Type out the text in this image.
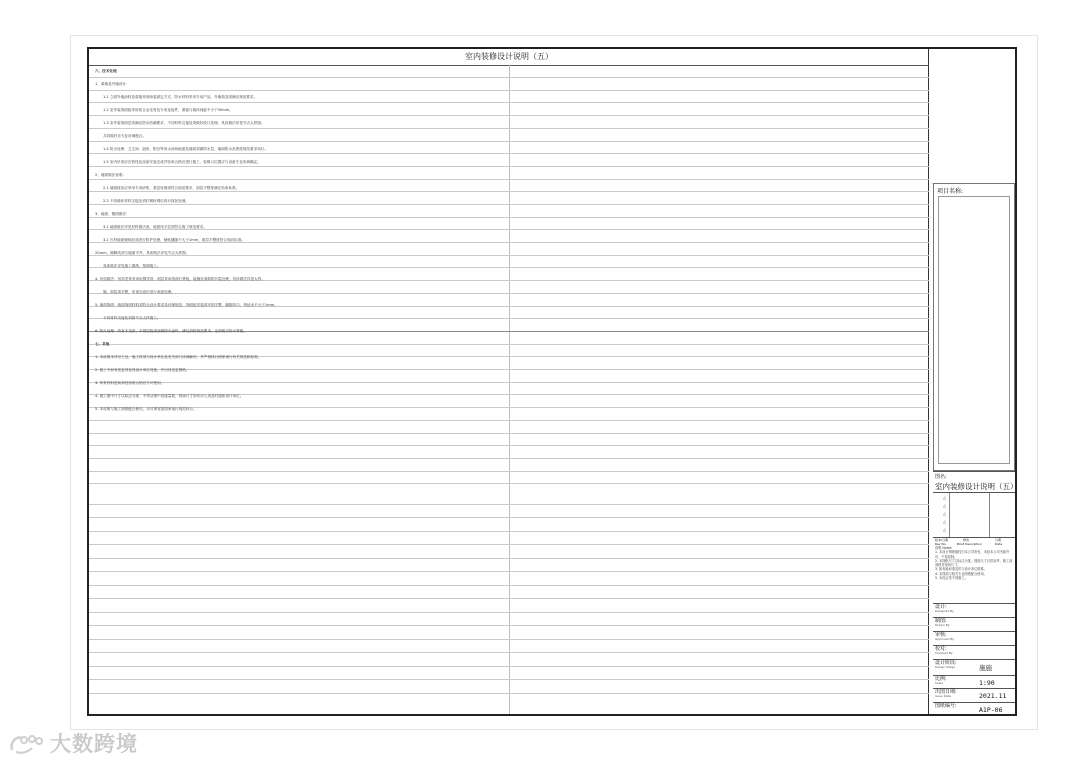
室内装修设计说明（五）
六、技术处理
1、幕墙及外墙设计：
1.1 立面外墙涂料及幕墙采用暗装固定方式，防水材料采用专用产品，外墙构造须满足规范要求。
1.2 室外装饰面板采用铝合金龙骨及专用连接件，面板与墙体间距不小于30mm。
1.3 室外装饰面层须满足防水防潮要求，不同材料交接处须做好收口处理，具体做法详见节点大样图。
共同做好各专业协调配合。
1.4 防水处理：卫生间、厨房、阳台等用水房间地面及墙面须做防水层，墙面防水高度按规范要求执行。
1.5 室内吊顶应在管线及设备安装完成并验收合格后进行施工，检修口位置应与设备专业协调确定。
2、墙面做法说明：
2.1 墙面抹灰应采用专用砂浆，基层处理须符合规范要求，面层平整度满足验收标准。
2.2 不同墙体材料交接处须钉钢丝网后再行抹灰处理。
3、地面、楼面做法：
3.1 地面做法详见材料做法表，地面找平层须符合施工规范要求。
3.2 石材地面铺贴前须进行防护处理，铺贴缝隙不大于1mm，面层平整度符合验收标准。
20mm，踢脚线须与墙面平齐，具体做法详见节点大样图。
具体做法详见施工图纸，按图施工。
4. 吊顶做法：吊顶龙骨采用轻钢龙骨，面层采用纸面石膏板，接缝处须做防开裂处理，具体做法详见大样。
施，面层须平整，吊顶完成后进行表面处理。
5. 墙面饰面：墙面饰面材料须符合设计要求及环保规范，饰面板安装须牢固平整，缝隙均匀，每延米不大于1mm。
不同材料交接处须按节点大样施工。
6. 防火处理：所有木龙骨、木基层板须涂刷防火涂料，满足消防规范要求，达到相应防火等级。
七、其他
1. 本说明未详尽之处，施工时须与设计单位及有关部门协商解决，并严格执行国家现行有关规范和标准。
2. 施工中如有变更须征得设计单位同意，并出具变更图纸。
3. 所有材料进场须经验收合格后方可使用。
4. 施工图中尺寸以标注为准，不得从图中直接量取，现场尺寸如有出入须及时通知设计单位。
5. 本说明与施工图纸配合使用，未尽事宜按国家现行规范执行。
项目名称:
图名:
室内装修设计说明（五）
△
△
△
△
△
版本/日期	修改	日期
Rev No.	Brief Description	Date
说明 Notes
1. 本设计图纸版权归本公司所有，未经本公司书面许可，不得复制。
2. 本图纸尺寸以标注为准，图面尺寸仅供参考，施工前须核对现场尺寸。
3. 如有疑问请及时与设计单位联系。
4. 本图须与相关专业图纸配合使用。
5. 未经会签不得施工。
设计:
Designed By
制图:
Drawn By
审核:
Approved By
校对:
Checked By
设计阶段:
Design Stage	施施
比例:
Scale	1:90
出图日期:
Issue Date	2021.11
图纸编号:	A1P-06
大数跨境
